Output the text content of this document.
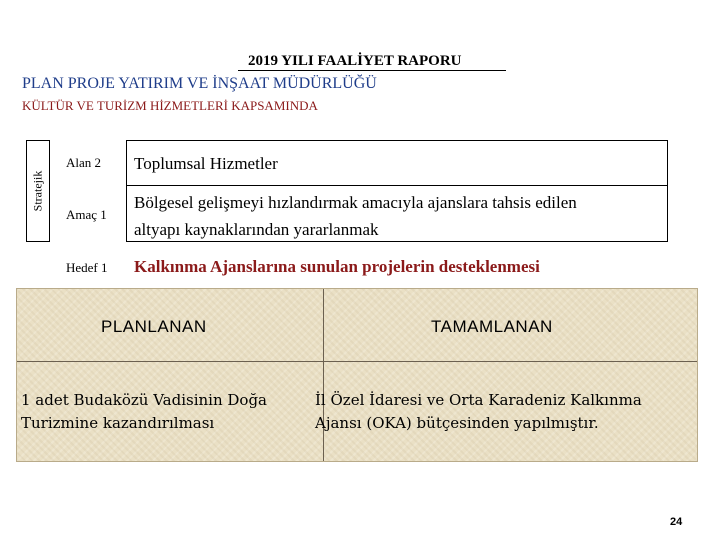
2019 YILI FAALİYET RAPORU
PLAN PROJE YATIRIM VE İNŞAAT MÜDÜRLÜĞÜ
KÜLTÜR VE TURİZM HİZMETLERİ KAPSAMINDA
Stratejik
Alan 2 Toplumsal Hizmetler
Amaç 1
Bölgesel gelişmeyi hızlandırmak amacıyla ajanslara tahsis edilen
altyapı kaynaklarından yararlanmak
Hedef 1 Kalkınma Ajanslarına sunulan projelerin desteklenmesi
PLANLANAN	TAMAMLANAN
1 adet Budaközü Vadisinin Doğa
Turizmine kazandırılması
İl Özel İdaresi ve Orta Karadeniz Kalkınma
Ajansı (OKA) bütçesinden yapılmıştır.
24
